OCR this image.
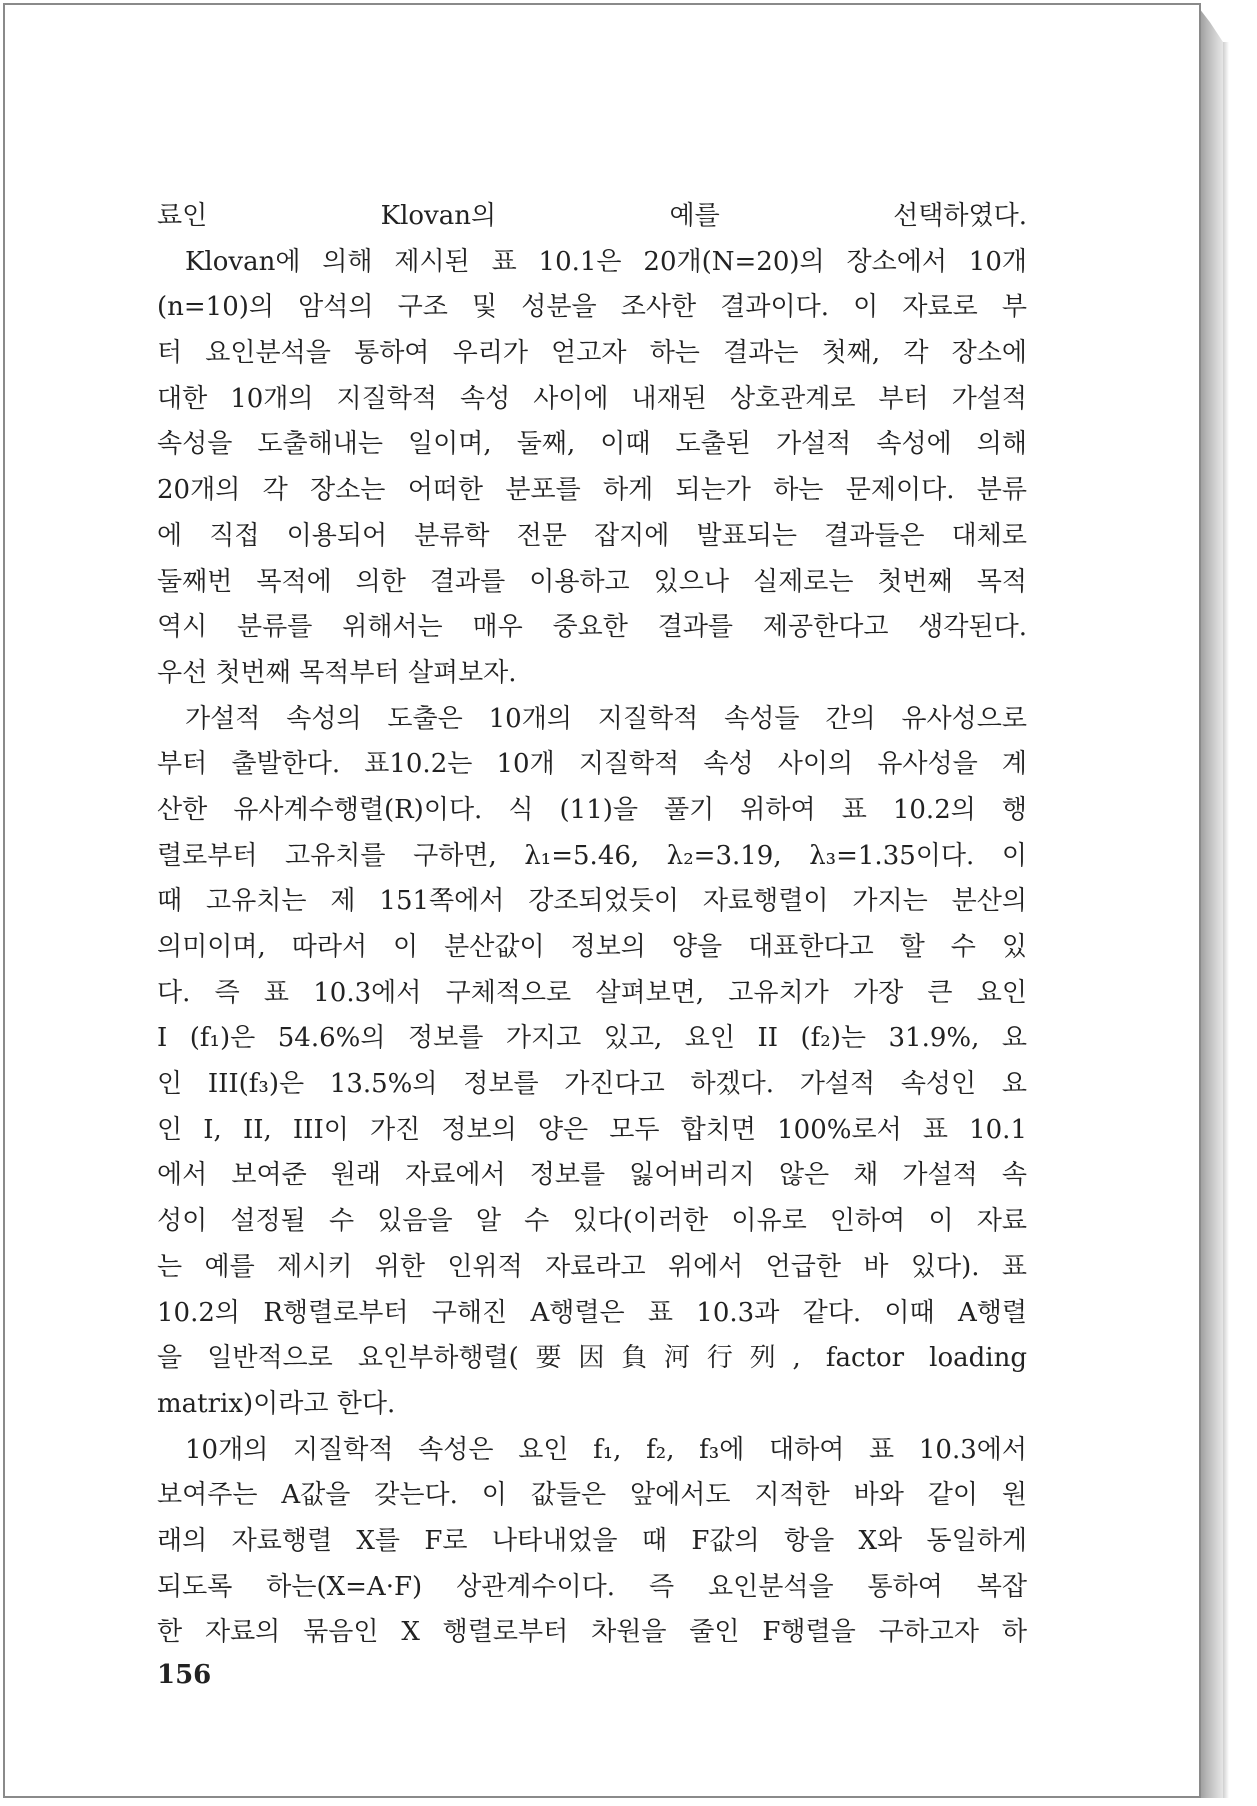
료인 Klovan의 예를 선택하였다.
Klovan에 의해 제시된 표 10.1은 20개(N=20)의 장소에서 10개
(n=10)의 암석의 구조 및 성분을 조사한 결과이다. 이 자료로 부
터 요인분석을 통하여 우리가 얻고자 하는 결과는 첫째, 각 장소에
대한 10개의 지질학적 속성 사이에 내재된 상호관계로 부터 가설적
속성을 도출해내는 일이며, 둘째, 이때 도출된 가설적 속성에 의해
20개의 각 장소는 어떠한 분포를 하게 되는가 하는 문제이다. 분류
에 직접 이용되어 분류학 전문 잡지에 발표되는 결과들은 대체로
둘째번 목적에 의한 결과를 이용하고 있으나 실제로는 첫번째 목적
역시 분류를 위해서는 매우 중요한 결과를 제공한다고 생각된다.
우선 첫번째 목적부터 살펴보자.
가설적 속성의 도출은 10개의 지질학적 속성들 간의 유사성으로
부터 출발한다. 표10.2는 10개 지질학적 속성 사이의 유사성을 계
산한 유사계수행렬(R)이다. 식 (11)을 풀기 위하여 표 10.2의 행
렬로부터 고유치를 구하면, λ₁=5.46, λ₂=3.19, λ₃=1.35이다. 이
때 고유치는 제 151쪽에서 강조되었듯이 자료행렬이 가지는 분산의
의미이며, 따라서 이 분산값이 정보의 양을 대표한다고 할 수 있
다. 즉 표 10.3에서 구체적으로 살펴보면, 고유치가 가장 큰 요인
I (f₁)은 54.6%의 정보를 가지고 있고, 요인 II (f₂)는 31.9%, 요
인 III(f₃)은 13.5%의 정보를 가진다고 하겠다. 가설적 속성인 요
인 I, II, III이 가진 정보의 양은 모두 합치면 100%로서 표 10.1
에서 보여준 원래 자료에서 정보를 잃어버리지 않은 채 가설적 속
성이 설정될 수 있음을 알 수 있다(이러한 이유로 인하여 이 자료
는 예를 제시키 위한 인위적 자료라고 위에서 언급한 바 있다). 표
10.2의 R행렬로부터 구해진 A행렬은 표 10.3과 같다. 이때 A행렬
을 일반적으로 요인부하행렬(要因負河行列, factor loading
matrix)이라고 한다.
10개의 지질학적 속성은 요인 f₁, f₂, f₃에 대하여 표 10.3에서
보여주는 A값을 갖는다. 이 값들은 앞에서도 지적한 바와 같이 원
래의 자료행렬 X를 F로 나타내었을 때 F값의 항을 X와 동일하게
되도록 하는(X=A·F) 상관계수이다. 즉 요인분석을 통하여 복잡
한 자료의 묶음인 X 행렬로부터 차원을 줄인 F행렬을 구하고자 하
156
